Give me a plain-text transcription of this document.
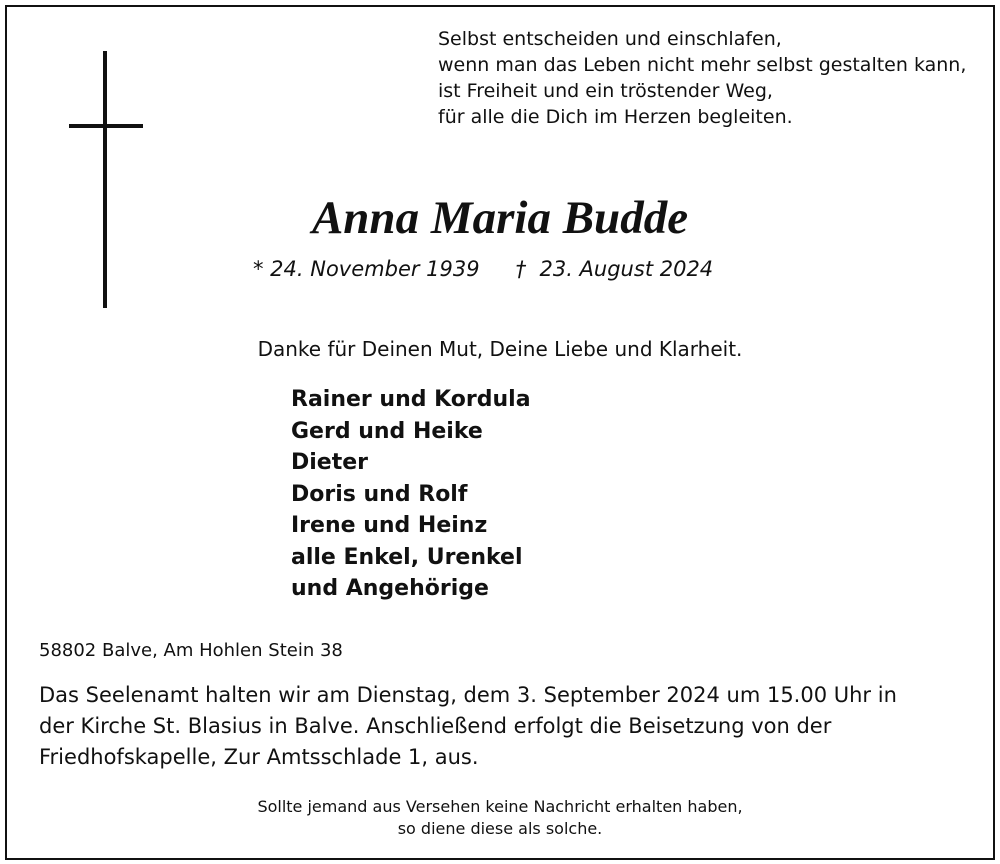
Selbst entscheiden und einschlafen,
wenn man das Leben nicht mehr selbst gestalten kann,
ist Freiheit und ein tröstender Weg,
für alle die Dich im Herzen begleiten.
Anna Maria Budde
* 24. November 1939 † 23. August 2024
Danke für Deinen Mut, Deine Liebe und Klarheit.
Rainer und Kordula
Gerd und Heike
Dieter
Doris und Rolf
Irene und Heinz
alle Enkel, Urenkel
und Angehörige
58802 Balve, Am Hohlen Stein 38
Das Seelenamt halten wir am Dienstag, dem 3. September 2024 um 15.00 Uhr in
der Kirche St. Blasius in Balve. Anschließend erfolgt die Beisetzung von der
Friedhofskapelle, Zur Amtsschlade 1, aus.
Sollte jemand aus Versehen keine Nachricht erhalten haben,
so diene diese als solche.
